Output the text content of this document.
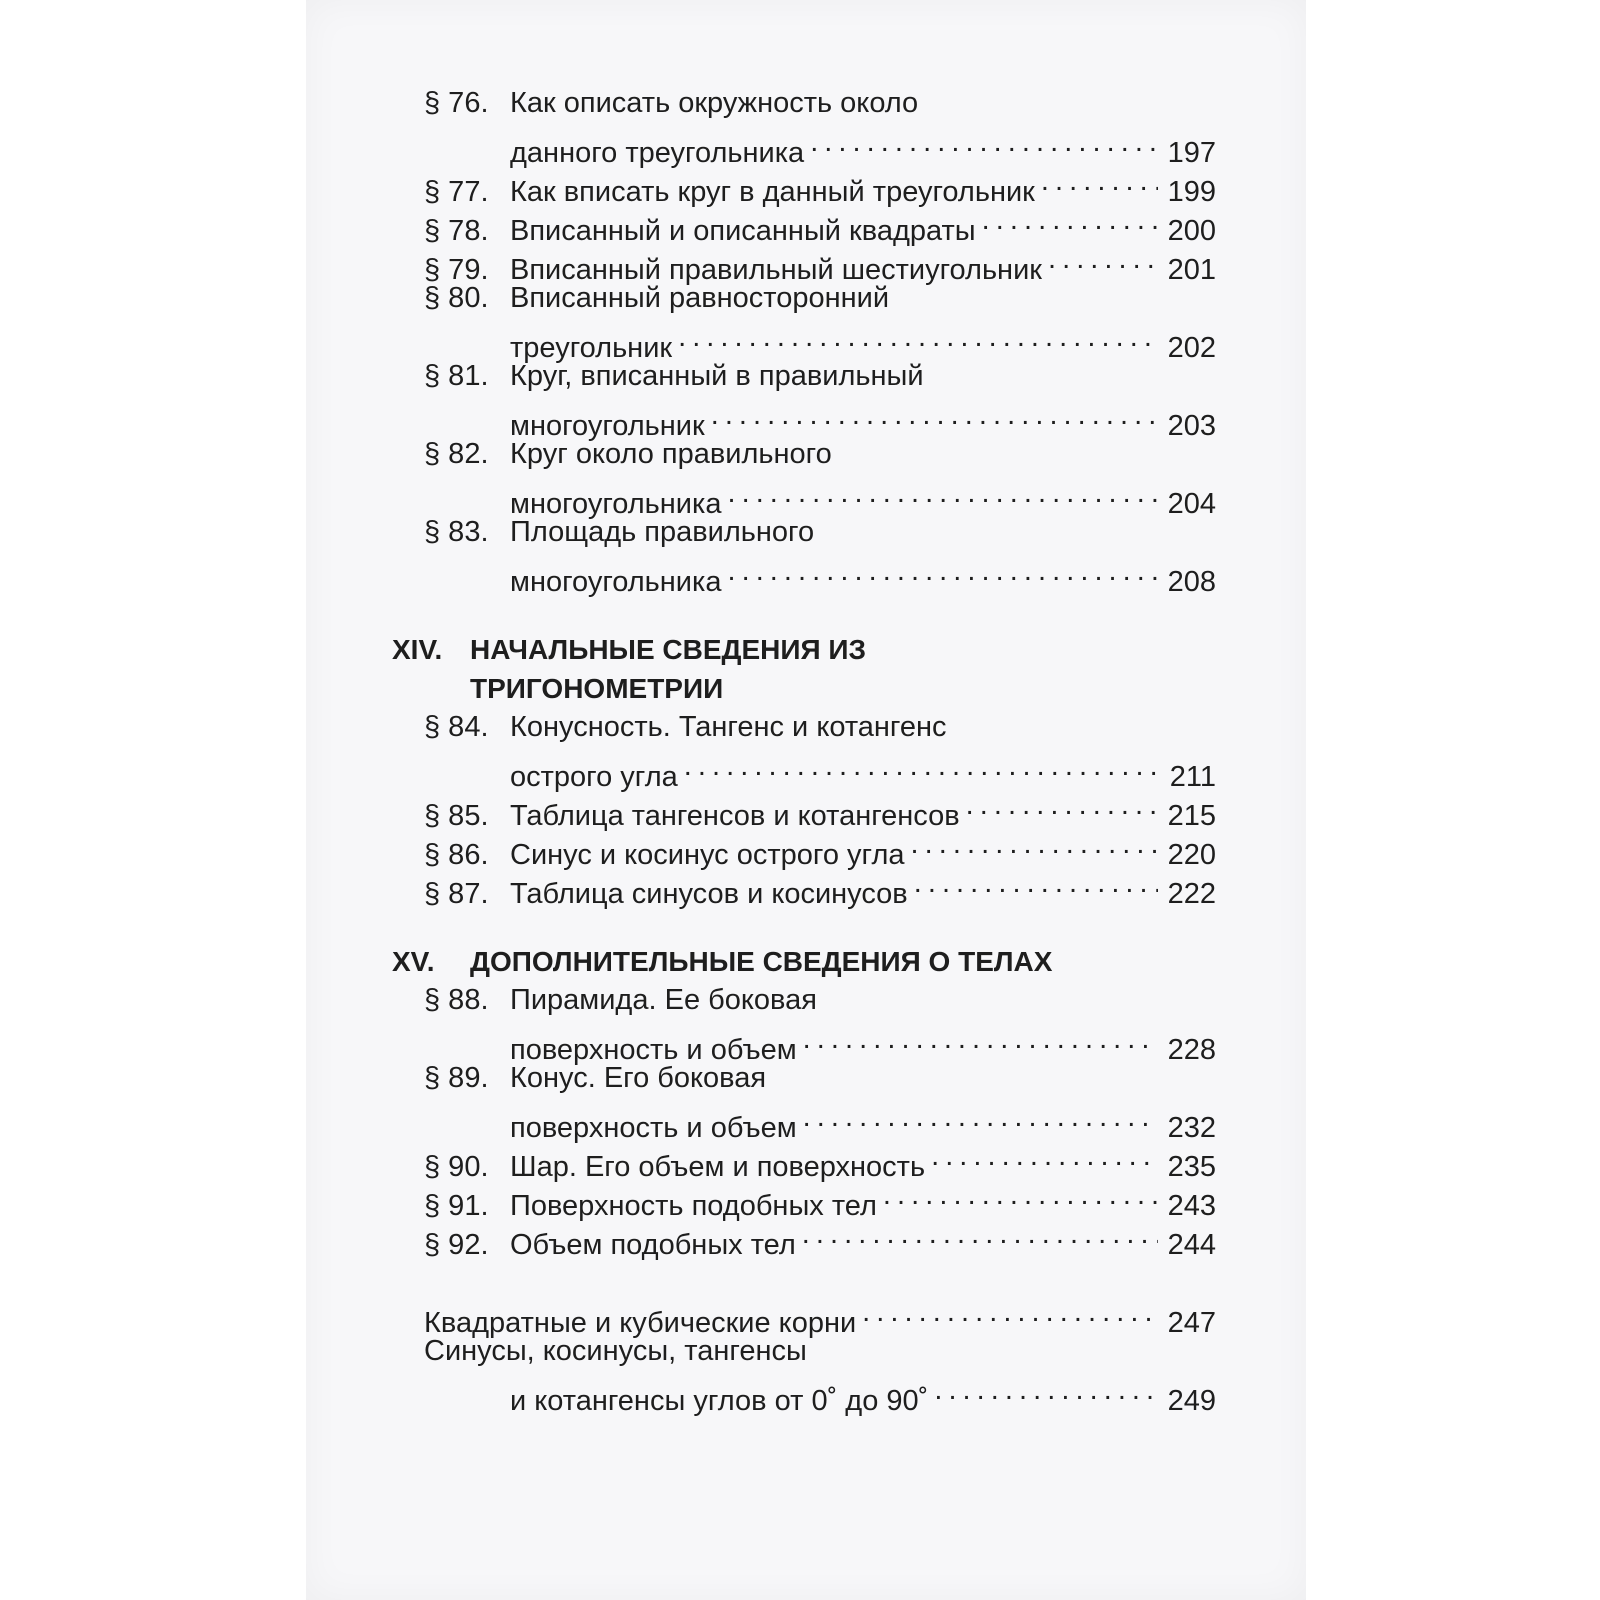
§ 76. Как описать окружность около
данного треугольника . . .	197
§ 77. Как вписать круг в данный треугольник . . .	199
§ 78. Вписанный и описанный квадраты . . .	200
§ 79. Вписанный правильный шестиугольник . . .	201
§ 80. Вписанный равносторонний
треугольник . . .	202
§ 81. Круг, вписанный в правильный
многоугольник . . .	203
§ 82. Круг около правильного
многоугольника . . .	204
§ 83. Площадь правильного
многоугольника . . .	208
XIV. НАЧАЛЬНЫЕ СВЕДЕНИЯ ИЗ
ТРИГОНОМЕТРИИ
§ 84. Конусность. Тангенс и котангенс
острого угла . . .	211
§ 85. Таблица тангенсов и котангенсов . . .	215
§ 86. Синус и косинус острого угла . . .	220
§ 87. Таблица синусов и косинусов . . .	222
XV.	ДОПОЛНИТЕЛЬНЫЕ СВЕДЕНИЯ О ТЕЛАХ
§ 88. Пирамида. Ее боковая
поверхность и объем . . .	228
§ 89. Конус. Его боковая
поверхность и объем . . .	232
§ 90. Шар. Его объем и поверхность . . .	235
§ 91. Поверхность подобных тел . . .	243
§ 92. Объем подобных тел . . .	244
Квадратные и кубические корни . . .	247
Синусы, косинусы, тангенсы
и котангенсы углов от 0˚ до 90˚ . . .	249
